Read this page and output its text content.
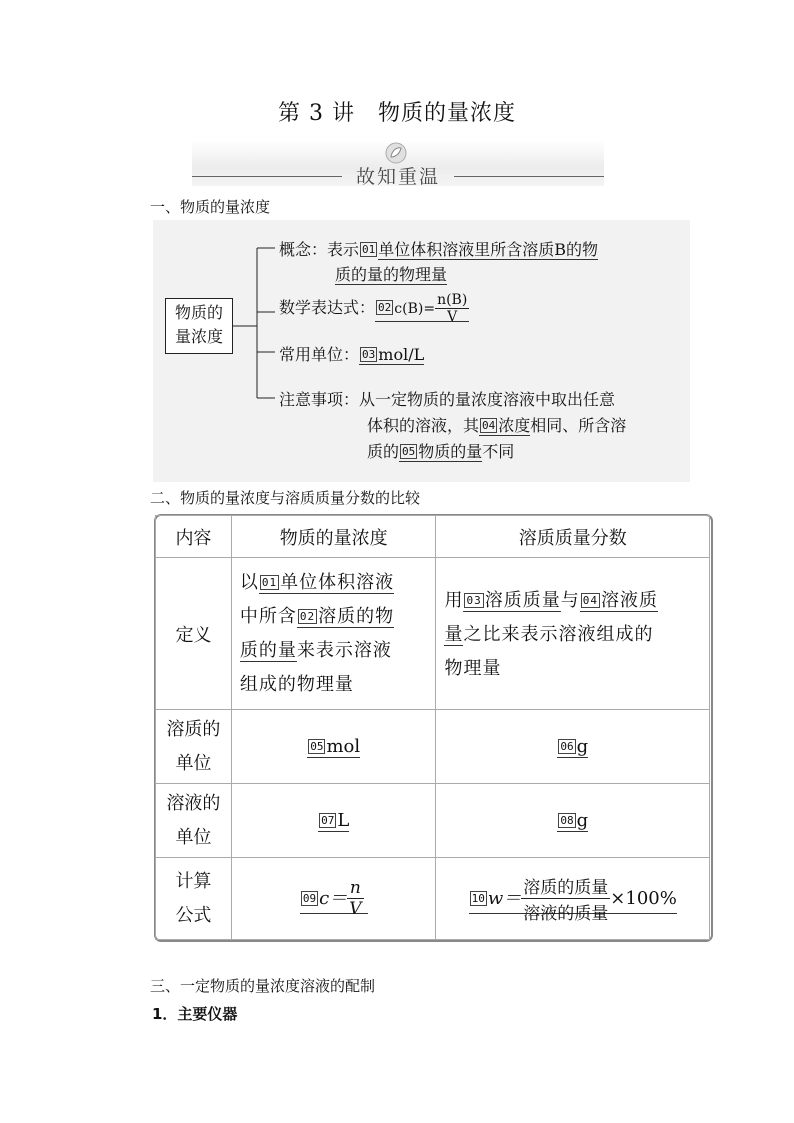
第 3 讲　物质的量浓度
故知重温
一、物质的量浓度
物质的
量浓度
概念：表示 01 单位体积溶液里所含溶质B的物
质的量的物理量
数学表达式： 02 $c(B)= \frac{n(B)}{V}$
常用单位： 03 mol/L
注意事项：从一定物质的量浓度溶液中取出任意
体积的溶液，其 04 浓度相同、所含溶
质的 05 物质的量不同
二、物质的量浓度与溶质质量分数的比较
内容	物质的量浓度	溶质质量分数
定义	以 01 单位体积溶液
中所含 02 溶质的物
质的量来表示溶液
组成的物理量	用 03 溶质质量与 04 溶液质
量之比来表示溶液组成的
物理量
溶质的
单位	05 mol	06 g
溶液的
单位	07 L	08 g
计算
公式	09 $c= \frac{n}{V}$	10 $w= \frac{\text{溶质的质量}}{\text{溶液的质量}} \times 100\%$
三、一定物质的量浓度溶液的配制
1．主要仪器
